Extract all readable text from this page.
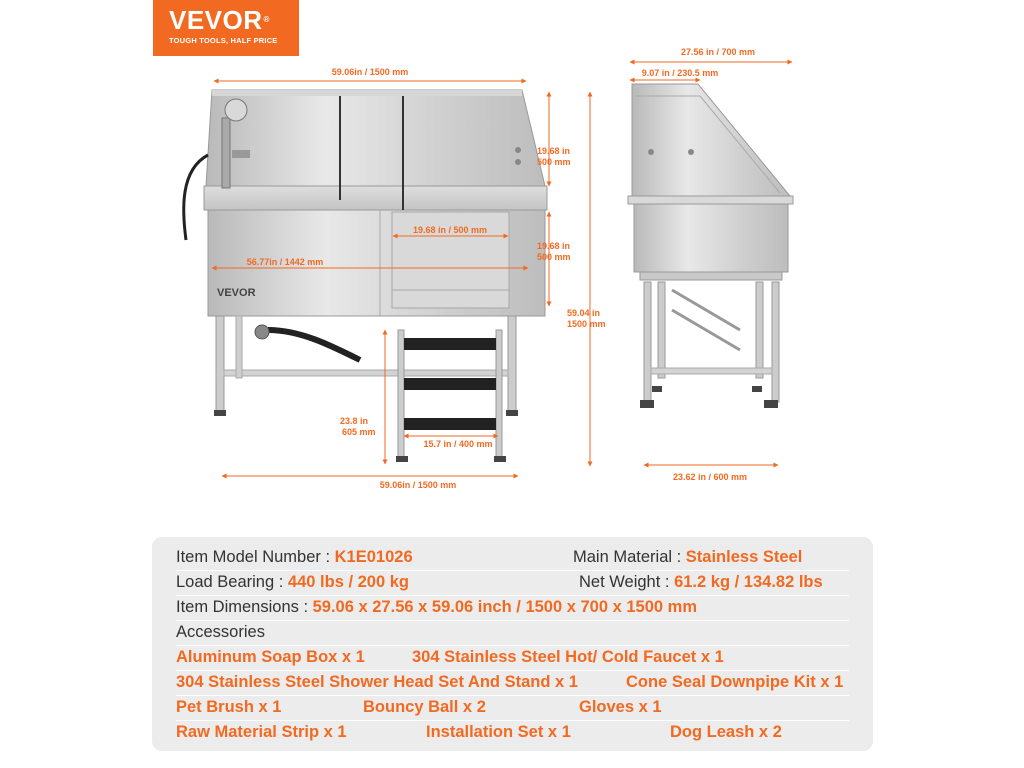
VEVOR®
TOUGH TOOLS, HALF PRICE
VEVOR
59.06in / 1500 mm
56.77in / 1442 mm
19.68 in / 500 mm
19.68 in
500 mm
19.68 in
500 mm
59.04 in
1500 mm
23.8 in
605 mm
15.7 in / 400 mm
59.06in / 1500 mm
27.56 in / 700 mm
9.07 in / 230.5 mm
23.62 in / 600 mm
Item Model Number : K1E01026	Main Material : Stainless Steel
Load Bearing : 440 lbs / 200 kg	Net Weight : 61.2 kg / 134.82 lbs
Item Dimensions : 59.06 x 27.56 x 59.06 inch / 1500 x 700 x 1500 mm
Accessories
Aluminum Soap Box x 1	304 Stainless Steel Hot/ Cold Faucet x 1
304 Stainless Steel Shower Head Set And Stand x 1	Cone Seal Downpipe Kit x 1
Pet Brush x 1	Bouncy Ball x 2	Gloves x 1
Raw Material Strip x 1	Installation Set x 1	Dog Leash x 2
